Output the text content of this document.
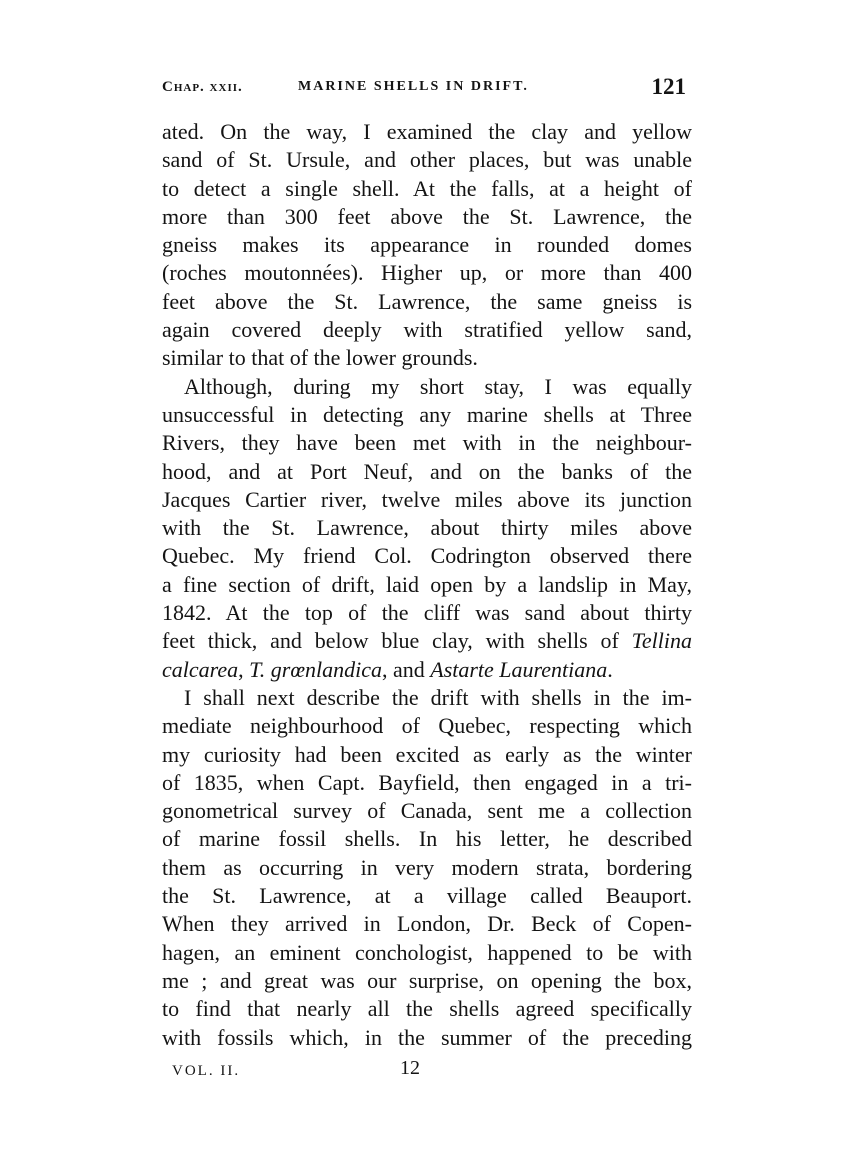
Chap. xxii.	MARINE SHELLS IN DRIFT.	121
ated. On the way, I examined the clay and yellow
sand of St. Ursule, and other places, but was unable
to detect a single shell. At the falls, at a height of
more than 300 feet above the St. Lawrence, the
gneiss makes its appearance in rounded domes
(roches moutonnées). Higher up, or more than 400
feet above the St. Lawrence, the same gneiss is
again covered deeply with stratified yellow sand,
similar to that of the lower grounds.
Although, during my short stay, I was equally
unsuccessful in detecting any marine shells at Three
Rivers, they have been met with in the neighbour-
hood, and at Port Neuf, and on the banks of the
Jacques Cartier river, twelve miles above its junction
with the St. Lawrence, about thirty miles above
Quebec. My friend Col. Codrington observed there
a fine section of drift, laid open by a landslip in May,
1842. At the top of the cliff was sand about thirty
feet thick, and below blue clay, with shells of Tellina
calcarea, T. grœnlandica, and Astarte Laurentiana.
I shall next describe the drift with shells in the im-
mediate neighbourhood of Quebec, respecting which
my curiosity had been excited as early as the winter
of 1835, when Capt. Bayfield, then engaged in a tri-
gonometrical survey of Canada, sent me a collection
of marine fossil shells. In his letter, he described
them as occurring in very modern strata, bordering
the St. Lawrence, at a village called Beauport.
When they arrived in London, Dr. Beck of Copen-
hagen, an eminent conchologist, happened to be with
me ; and great was our surprise, on opening the box,
to find that nearly all the shells agreed specifically
with fossils which, in the summer of the preceding
VOL. II.	12
